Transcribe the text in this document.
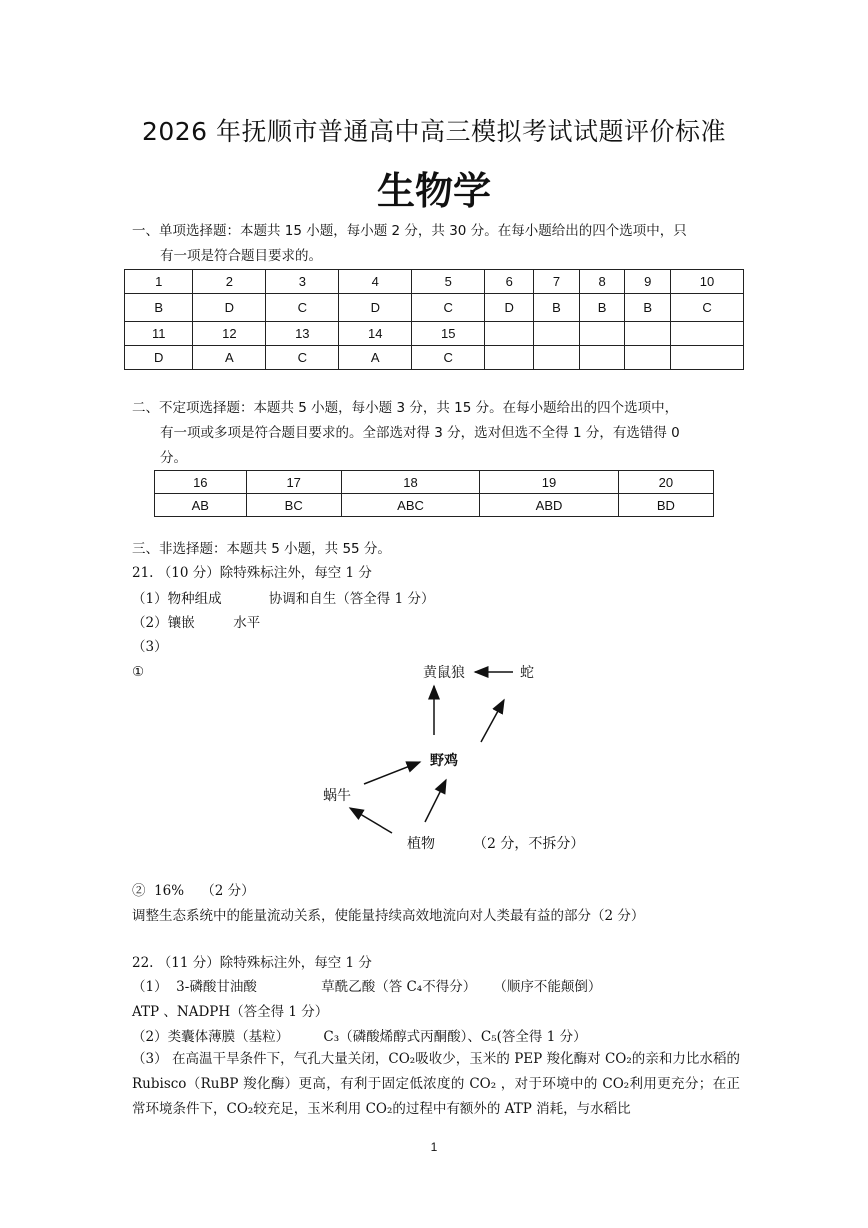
2026 年抚顺市普通高中高三模拟考试试题评价标准
生物学
一、单项选择题：本题共 15 小题，每小题 2 分，共 30 分。在每小题给出的四个选项中，只

有一项是符合题目要求的。
1	2	3	4	5	6	7	8	9	10
B	D	C	D	C	D	B	B	B	C
11	12	13	14	15					
D	A	C	A	C					
二、不定项选择题：本题共 5 小题，每小题 3 分，共 15 分。在每小题给出的四个选项中，

有一项或多项是符合题目要求的。全部选对得 3 分，选对但选不全得 1 分，有选错得 0
分。
16	17	18	19	20
AB	BC	ABC	ABD	BD
三、非选择题：本题共 5 小题，共 55 分。
21. （10 分）除特殊标注外，每空 1 分
（1）物种组成           协调和自生（答全得 1 分）
（2）镶嵌         水平
（3）
①	黄鼠狼	蛇
野鸡
蜗牛
植物	（2 分，不拆分）
②  16%    （2 分）
调整生态系统中的能量流动关系，使能量持续高效地流向对人类最有益的部分（2 分）
22. （11 分）除特殊标注外，每空 1 分
（1）  3-磷酸甘油酸               草酰乙酸（答 C₄不得分）    （顺序不能颠倒）
ATP 、NADPH（答全得 1 分）
（2）类囊体薄膜（基粒）        C₃（磷酸烯醇式丙酮酸）、C₅(答全得 1 分）
（3） 在高温干旱条件下，气孔大量关闭，CO₂吸收少，玉米的 PEP 羧化酶对 CO₂的亲和力比水稻的 Rubisco（RuBP 羧化酶）更高，有利于固定低浓度的 CO₂ ，对于环境中的 CO₂利用更充分；在正常环境条件下，CO₂较充足，玉米利用 CO₂的过程中有额外的 ATP 消耗，与水稻比
1
